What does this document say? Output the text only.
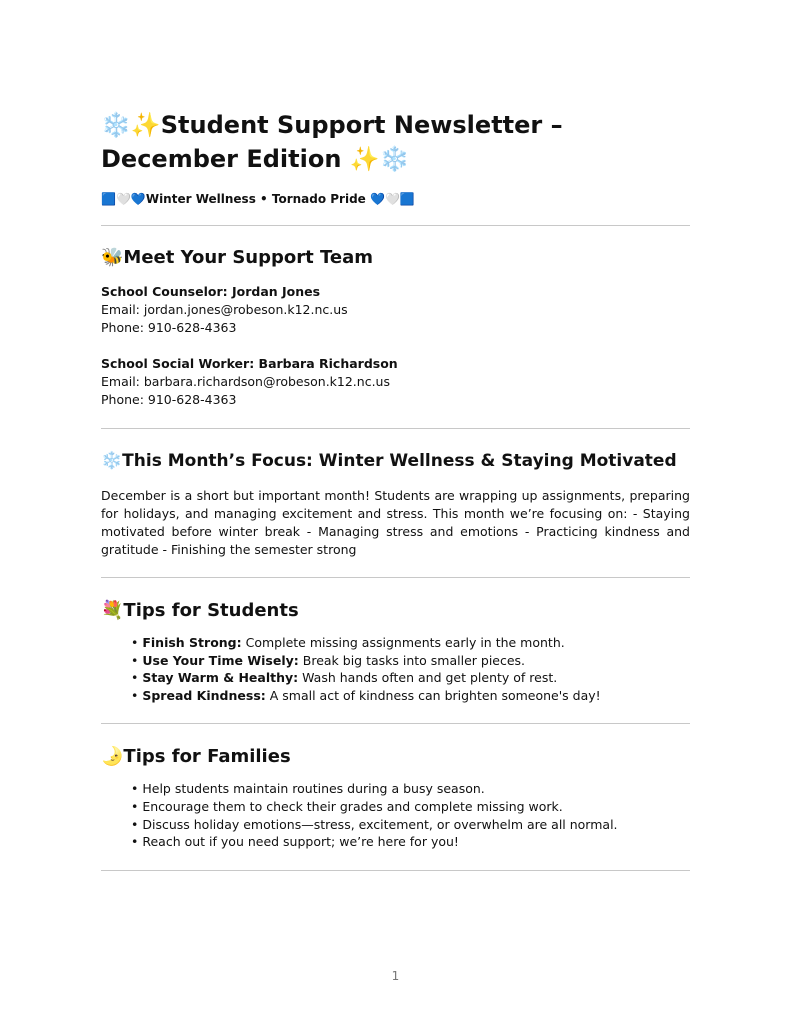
❄️✨Student Support Newsletter – December Edition ✨❄️
🟦🤍💙Winter Wellness • Tornado Pride 💙🤍🟦
🐝Meet Your Support Team
School Counselor: Jordan Jones
Email: jordan.jones@robeson.k12.nc.us
Phone: 910-628-4363
School Social Worker: Barbara Richardson
Email: barbara.richardson@robeson.k12.nc.us
Phone: 910-628-4363
❄️This Month’s Focus: Winter Wellness & Staying Motivated
December is a short but important month! Students are wrapping up assignments, preparing for holidays, and managing excitement and stress. This month we’re focusing on: - Staying motivated before winter break - Managing stress and emotions - Practicing kindness and gratitude - Finishing the semester strong
💐Tips for Students
• Finish Strong: Complete missing assignments early in the month.
• Use Your Time Wisely: Break big tasks into smaller pieces.
• Stay Warm & Healthy: Wash hands often and get plenty of rest.
• Spread Kindness: A small act of kindness can brighten someone's day!
🌛Tips for Families
• Help students maintain routines during a busy season.
• Encourage them to check their grades and complete missing work.
• Discuss holiday emotions—stress, excitement, or overwhelm are all normal.
• Reach out if you need support; we’re here for you!
1
